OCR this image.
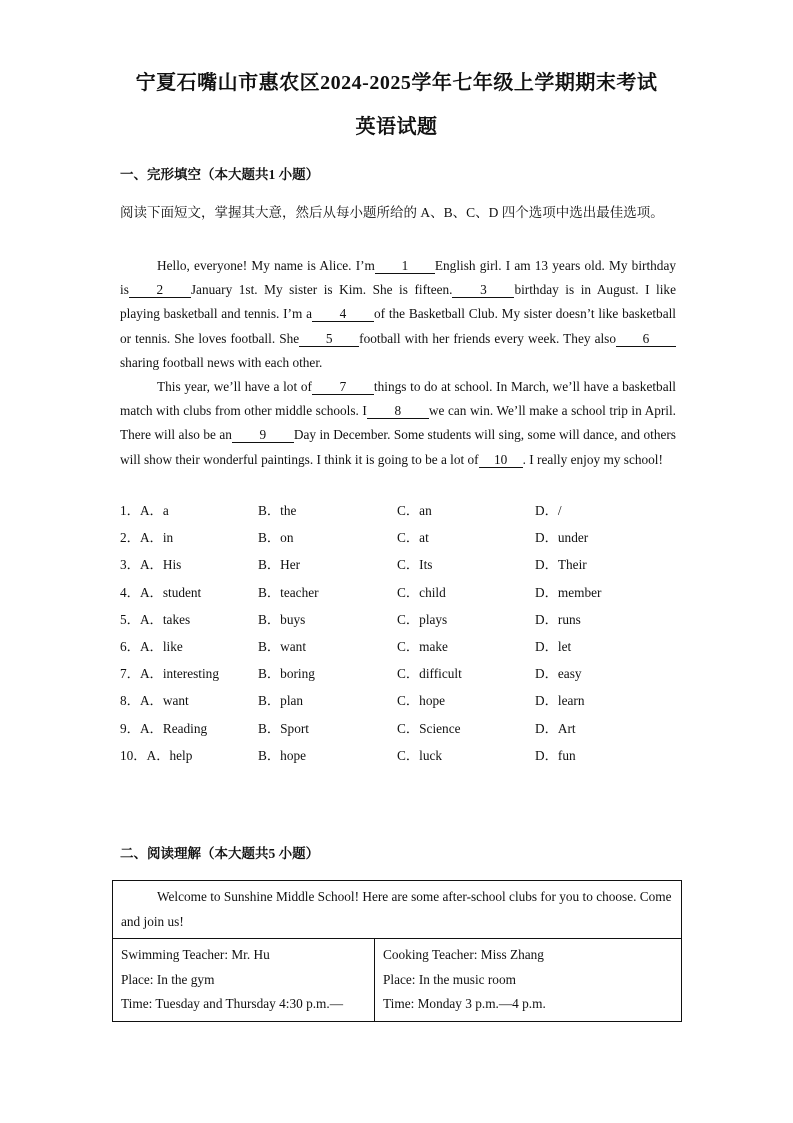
宁夏石嘴山市惠农区2024-2025学年七年级上学期期末考试
英语试题
一、完形填空（本大题共1 小题）
阅读下面短文，掌握其大意，然后从每小题所给的 A、B、C、D 四个选项中选出最佳选项。

Hello, everyone! My name is Alice. I’m 1 English girl. I am 13 years old. My birthday is 2 January 1st. My sister is Kim. She is fifteen. 3 birthday is in August. I like playing basketball and tennis. I’m a 4 of the Basketball Club. My sister doesn’t like basketball or tennis. She loves football. She 5 football with her friends every week. They also 6sharing football news with each other.

This year, we’ll have a lot of 7 things to do at school. In March, we’ll have a basketball match with clubs from other middle schools. I 8 we can win. We’ll make a school trip in April. There will also be an 9 Day in December. Some students will sing, some will dance, and others will show their wonderful paintings. I think it is going to be a lot of 10 . I really enjoy my school!

1．A．a	B．the	C．an	D．/
2．A．in	B．on	C．at	D．under
3．A．His	B．Her	C．Its	D．Their
4．A．student	B．teacher	C．child	D．member
5．A．takes	B．buys	C．plays	D．runs
6．A．like	B．want	C．make	D．let
7．A．interesting	B．boring	C．difficult	D．easy
8．A．want	B．plan	C．hope	D．learn
9．A．Reading	B．Sport	C．Science	D．Art
10．A．help	B．hope	C．luck	D．fun
二、阅读理解（本大题共5 小题）
Welcome to Sunshine Middle School! Here are some after-school clubs for you to choose. Come and join us!

Swimming Teacher: Mr. Hu
Place: In the gym
Time: Tuesday and Thursday 4:30 p.m.—

Cooking Teacher: Miss Zhang
Place: In the music room
Time: Monday 3 p.m.—4 p.m.
